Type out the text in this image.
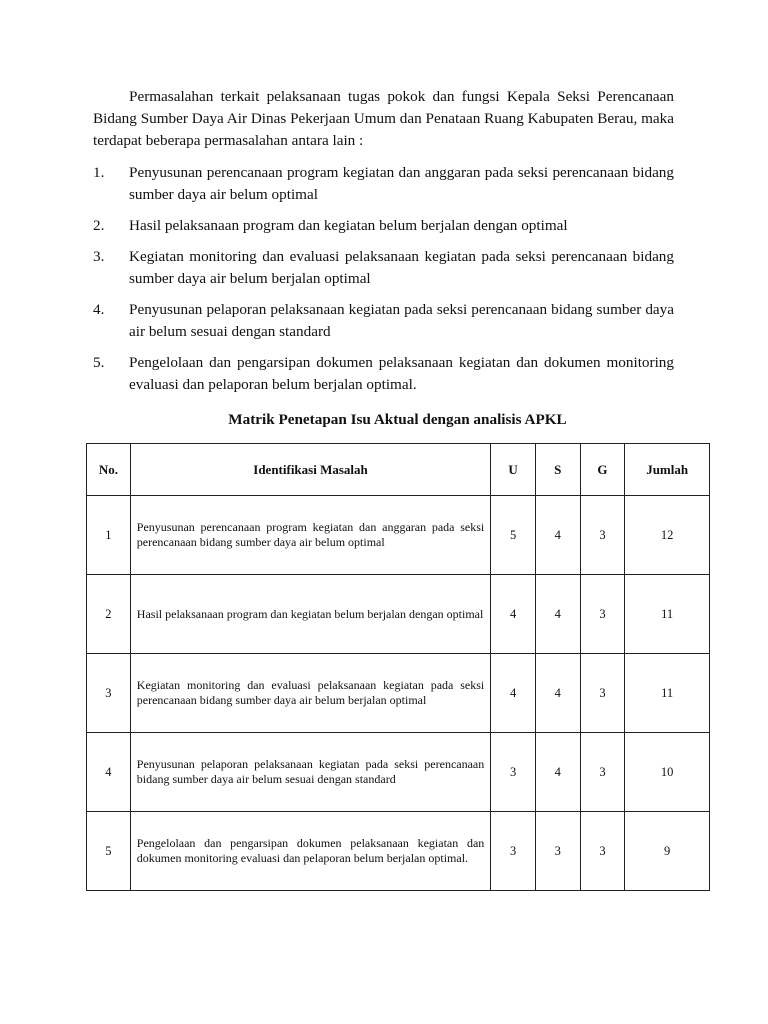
Permasalahan terkait pelaksanaan tugas pokok dan fungsi Kepala Seksi Perencanaan Bidang Sumber Daya Air Dinas Pekerjaan Umum dan Penataan Ruang Kabupaten Berau, maka terdapat beberapa permasalahan antara lain :

1. Penyusunan perencanaan program kegiatan dan anggaran pada seksi perencanaan bidang sumber daya air belum optimal
2. Hasil pelaksanaan program dan kegiatan belum berjalan dengan optimal
3. Kegiatan monitoring dan evaluasi pelaksanaan kegiatan pada seksi perencanaan bidang sumber daya air belum berjalan optimal
4. Penyusunan pelaporan pelaksanaan kegiatan pada seksi perencanaan bidang sumber daya air belum sesuai dengan standard
5. Pengelolaan dan pengarsipan dokumen pelaksanaan kegiatan dan dokumen monitoring evaluasi dan pelaporan belum berjalan optimal.

Matrik Penetapan Isu Aktual dengan analisis APKL

No.	Identifikasi Masalah	U	S	G	Jumlah
1	Penyusunan perencanaan program kegiatan dan anggaran pada seksi perencanaan bidang sumber daya air belum optimal	5	4	3	12
2	Hasil pelaksanaan program dan kegiatan belum berjalan dengan optimal	4	4	3	11
3	Kegiatan monitoring dan evaluasi pelaksanaan kegiatan pada seksi perencanaan bidang sumber daya air belum berjalan optimal	4	4	3	11
4	Penyusunan pelaporan pelaksanaan kegiatan pada seksi perencanaan bidang sumber daya air belum sesuai dengan standard	3	4	3	10
5	Pengelolaan dan pengarsipan dokumen pelaksanaan kegiatan dan dokumen monitoring evaluasi dan pelaporan belum berjalan optimal.	3	3	3	9
